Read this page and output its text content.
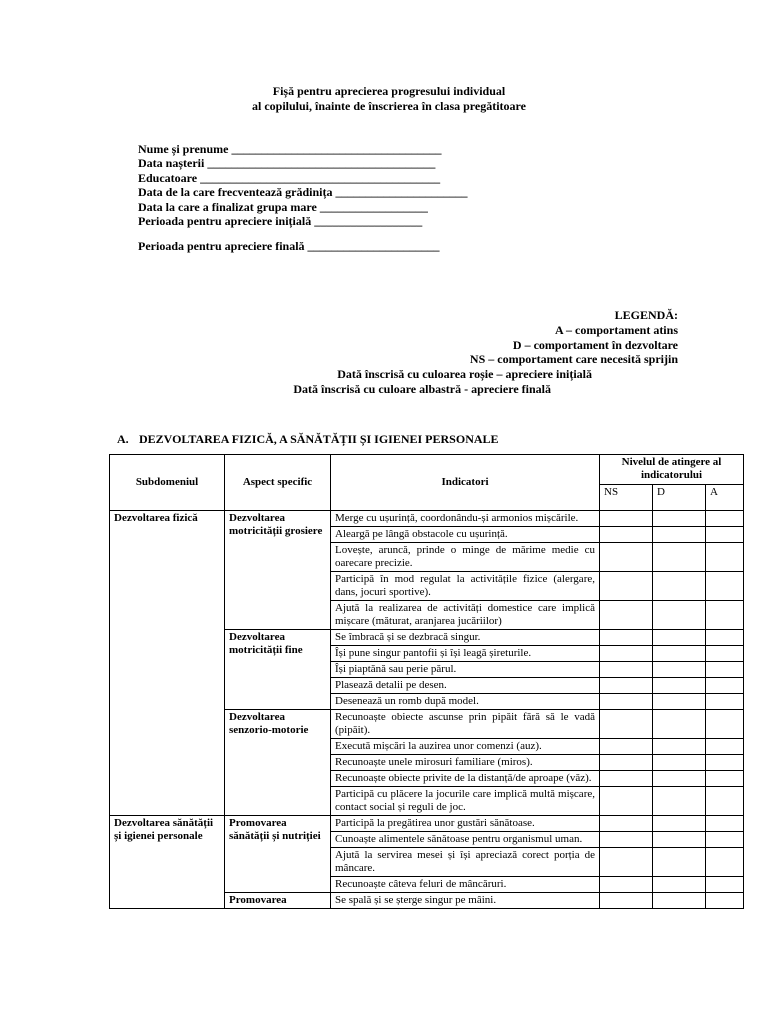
Fișă pentru aprecierea progresului individual
al copilului, înainte de înscrierea în clasa pregătitoare
Nume și prenume ___________________________________
Data nașterii ______________________________________
Educatoare ________________________________________
Data de la care frecventează grădinița ______________________
Data la care a finalizat grupa mare __________________
Perioada pentru apreciere inițială __________________
Perioada pentru apreciere finală ______________________
LEGENDĂ:
A – comportament atins
D – comportament în dezvoltare
NS – comportament care necesită sprijin
Dată înscrisă cu culoarea roșie – apreciere inițială
Dată înscrisă cu culoare albastră - apreciere finală
A. DEZVOLTAREA FIZICĂ, A SĂNĂTĂȚII ȘI IGIENEI PERSONALE
Subdomeniul	Aspect specific	Indicatori	Nivelul de atingere al indicatorului		
			NS	D	A
Dezvoltarea fizică	Dezvoltarea motricității grosiere	Merge cu ușurință, coordonându-și armonios mișcările.			
		Aleargă pe lângă obstacole cu ușurință.			
		Lovește, aruncă, prinde o minge de mărime medie cu oarecare precizie.			
		Participă în mod regulat la activitățile fizice (alergare, dans, jocuri sportive).			
		Ajută la realizarea de activități domestice care implică mișcare (măturat, aranjarea jucăriilor)			
	Dezvoltarea motricității fine	Se îmbracă și se dezbracă singur.			
		Își pune singur pantofii și își leagă șireturile.			
		Își piaptănă sau perie părul.			
		Plasează detalii pe desen.			
		Desenează un romb după model.			
	Dezvoltarea senzorio-motorie	Recunoaște obiecte ascunse prin pipăit fără să le vadă (pipăit).			
		Execută mișcări la auzirea unor comenzi (auz).			
		Recunoaște unele mirosuri familiare (miros).			
		Recunoaște obiecte privite de la distanță/de aproape (văz).			
		Participă cu plăcere la jocurile care implică multă mișcare, contact social și reguli de joc.			
Dezvoltarea sănătății și igienei personale	Promovarea sănătății și nutriției	Participă la pregătirea unor gustări sănătoase.			
		Cunoaște alimentele sănătoase pentru organismul uman.			
		Ajută la servirea mesei și își apreciază corect porția de mâncare.			
		Recunoaște câteva feluri de mâncăruri.			
	Promovarea	Se spală și se șterge singur pe mâini.			
